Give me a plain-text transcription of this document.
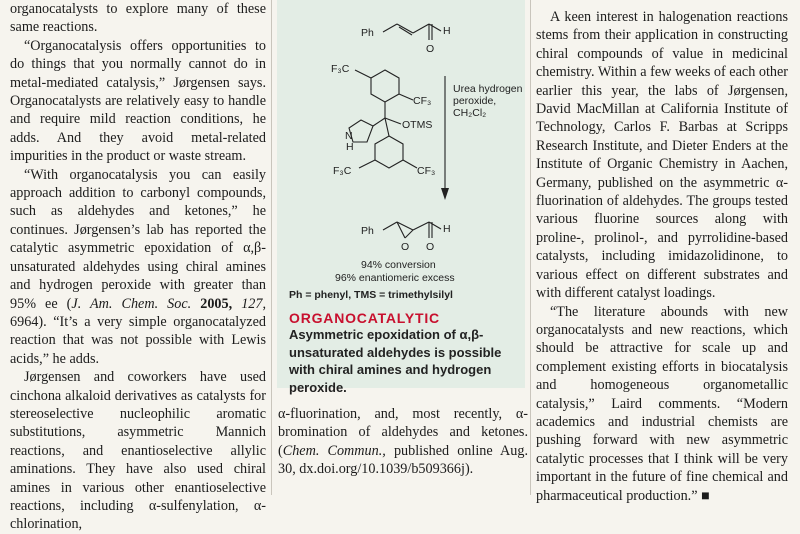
organocatalysts to explore many of these same reactions.

“Organocatalysis offers opportunities to do things that you normally cannot do in metal-mediated catalysis,” Jørgensen says. Organocatalysts are relatively easy to handle and require mild reaction conditions, he adds. And they avoid metal-related impurities in the product or waste stream.

“With organocatalysis you can easily approach addition to carbonyl compounds, such as aldehydes and ketones,” he continues. Jørgensen’s lab has reported the catalytic asymmetric epoxidation of α,β-unsaturated aldehydes using chiral amines and hydrogen peroxide with greater than 95% ee (J. Am. Chem. Soc. 2005, 127, 6964). “It’s a very simple organocatalyzed reaction that was not possible with Lewis acids,” he adds.

Jørgensen and coworkers have used cinchona alkaloid derivatives as catalysts for stereoselective nucleophilic aromatic substitutions, asymmetric Mannich reactions, and enantioselective allylic aminations. They have also used chiral amines in various other enantioselective reactions, including α-sulfenylation, α-chlorination,

Ph	H
O
F₃C
CF₃
N
H
OTMS
F₃C	CF₃
Urea hydrogen
peroxide,
CH₂Cl₂
Ph
O O
H
94% conversion
96% enantiomeric excess
Ph = phenyl, TMS = trimethylsilyl
ORGANOCATALYTIC
Asymmetric epoxidation of α,β-unsaturated aldehydes is possible with chiral amines and hydrogen peroxide.

α-fluorination, and, most recently, α-bromination of aldehydes and ketones. (Chem. Commun., published online Aug. 30, dx.doi.org/10.1039/b509366j).

A keen interest in halogenation reactions stems from their application in constructing chiral compounds of value in medicinal chemistry. Within a few weeks of each other earlier this year, the labs of Jørgensen, David MacMillan at California Institute of Technology, Carlos F. Barbas at Scripps Research Institute, and Dieter Enders at the Institute of Organic Chemistry in Aachen, Germany, published on the asymmetric α-fluorination of aldehydes. The groups tested various fluorine sources along with proline-, prolinol-, and pyrrolidine-based catalysts, including imidazolidinone, to various effect on different substrates and with different catalyst loadings.

“The literature abounds with new organocatalysts and new reactions, which should be attractive for scale up and complement existing efforts in biocatalysis and homogeneous organometallic catalysis,” Laird comments. “Modern academics and industrial chemists are pushing forward with new asymmetric catalytic processes that I think will be very important in the future of fine chemical and pharmaceutical production.” ■
